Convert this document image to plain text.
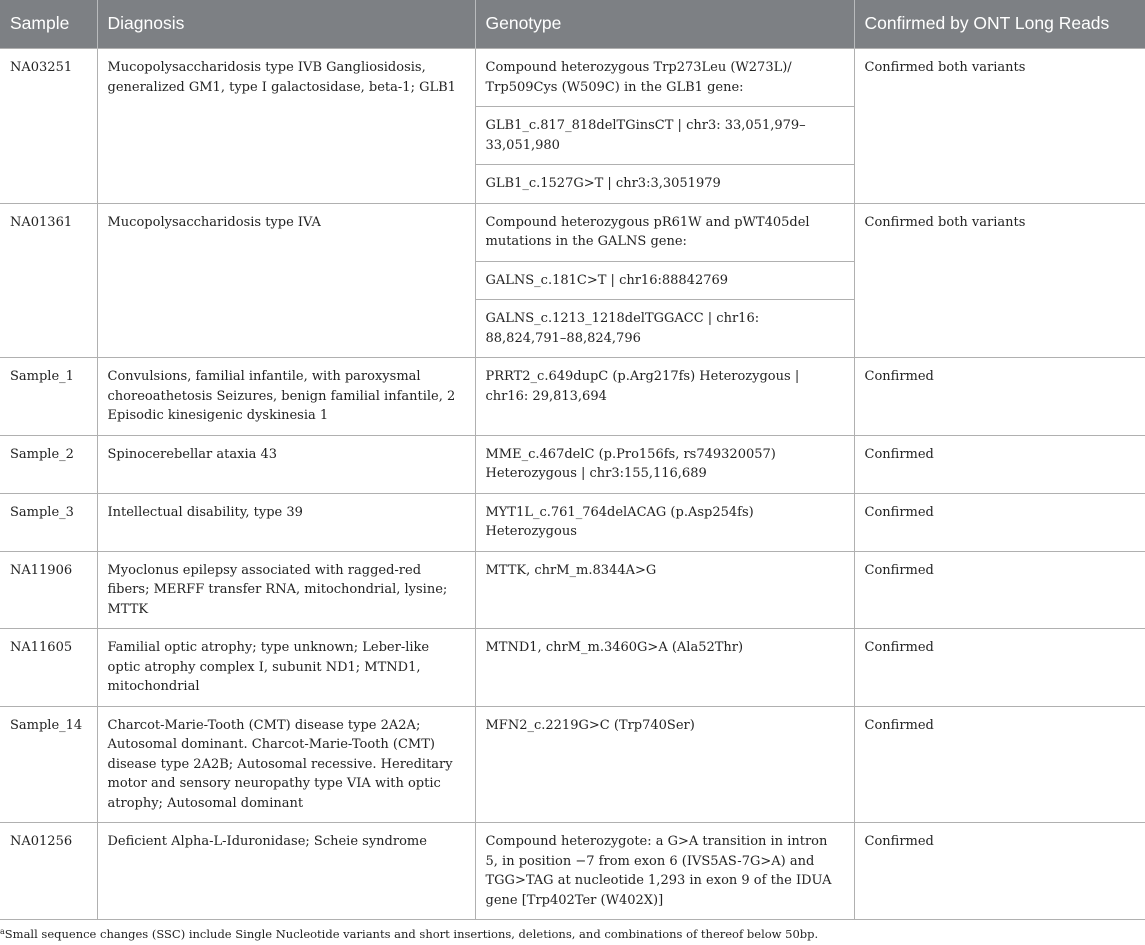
Sample	Diagnosis	Genotype	Confirmed by ONT Long Reads
NA03251	Mucopolysaccharidosis type IVB Gangliosidosis, generalized GM1, type I galactosidase, beta-1; GLB1	Compound heterozygous Trp273Leu (W273L)/ Trp509Cys (W509C) in the GLB1 gene:	Confirmed both variants
		GLB1_c.817_818delTGinsCT | chr3: 33,051,979–33,051,980	
		GLB1_c.1527G>T | chr3:3,3051979	
NA01361	Mucopolysaccharidosis type IVA	Compound heterozygous pR61W and pWT405del mutations in the GALNS gene:	Confirmed both variants
		GALNS_c.181C>T | chr16:88842769	
		GALNS_c.1213_1218delTGGACC | chr16: 88,824,791–88,824,796	
Sample_1	Convulsions, familial infantile, with paroxysmal choreoathetosis Seizures, benign familial infantile, 2 Episodic kinesigenic dyskinesia 1	PRRT2_c.649dupC (p.Arg217fs) Heterozygous | chr16: 29,813,694	Confirmed
Sample_2	Spinocerebellar ataxia 43	MME_c.467delC (p.Pro156fs, rs749320057) Heterozygous | chr3:155,116,689	Confirmed
Sample_3	Intellectual disability, type 39	MYT1L_c.761_764delACAG (p.Asp254fs) Heterozygous	Confirmed
NA11906	Myoclonus epilepsy associated with ragged-red fibers; MERFF transfer RNA, mitochondrial, lysine; MTTK	MTTK, chrM_m.8344A>G	Confirmed
NA11605	Familial optic atrophy; type unknown; Leber-like optic atrophy complex I, subunit ND1; MTND1, mitochondrial	MTND1, chrM_m.3460G>A (Ala52Thr)	Confirmed
Sample_14	Charcot-Marie-Tooth (CMT) disease type 2A2A; Autosomal dominant. Charcot-Marie-Tooth (CMT) disease type 2A2B; Autosomal recessive. Hereditary motor and sensory neuropathy type VIA with optic atrophy; Autosomal dominant	MFN2_c.2219G>C (Trp740Ser)	Confirmed
NA01256	Deficient Alpha-L-Iduronidase; Scheie syndrome	Compound heterozygote: a G>A transition in intron 5, in position −7 from exon 6 (IVS5AS-7G>A) and TGG>TAG at nucleotide 1,293 in exon 9 of the IDUA gene [Trp402Ter (W402X)]	Confirmed
$^a$Small sequence changes (SSC) include Single Nucleotide variants and short insertions, deletions, and combinations of thereof below 50bp.
